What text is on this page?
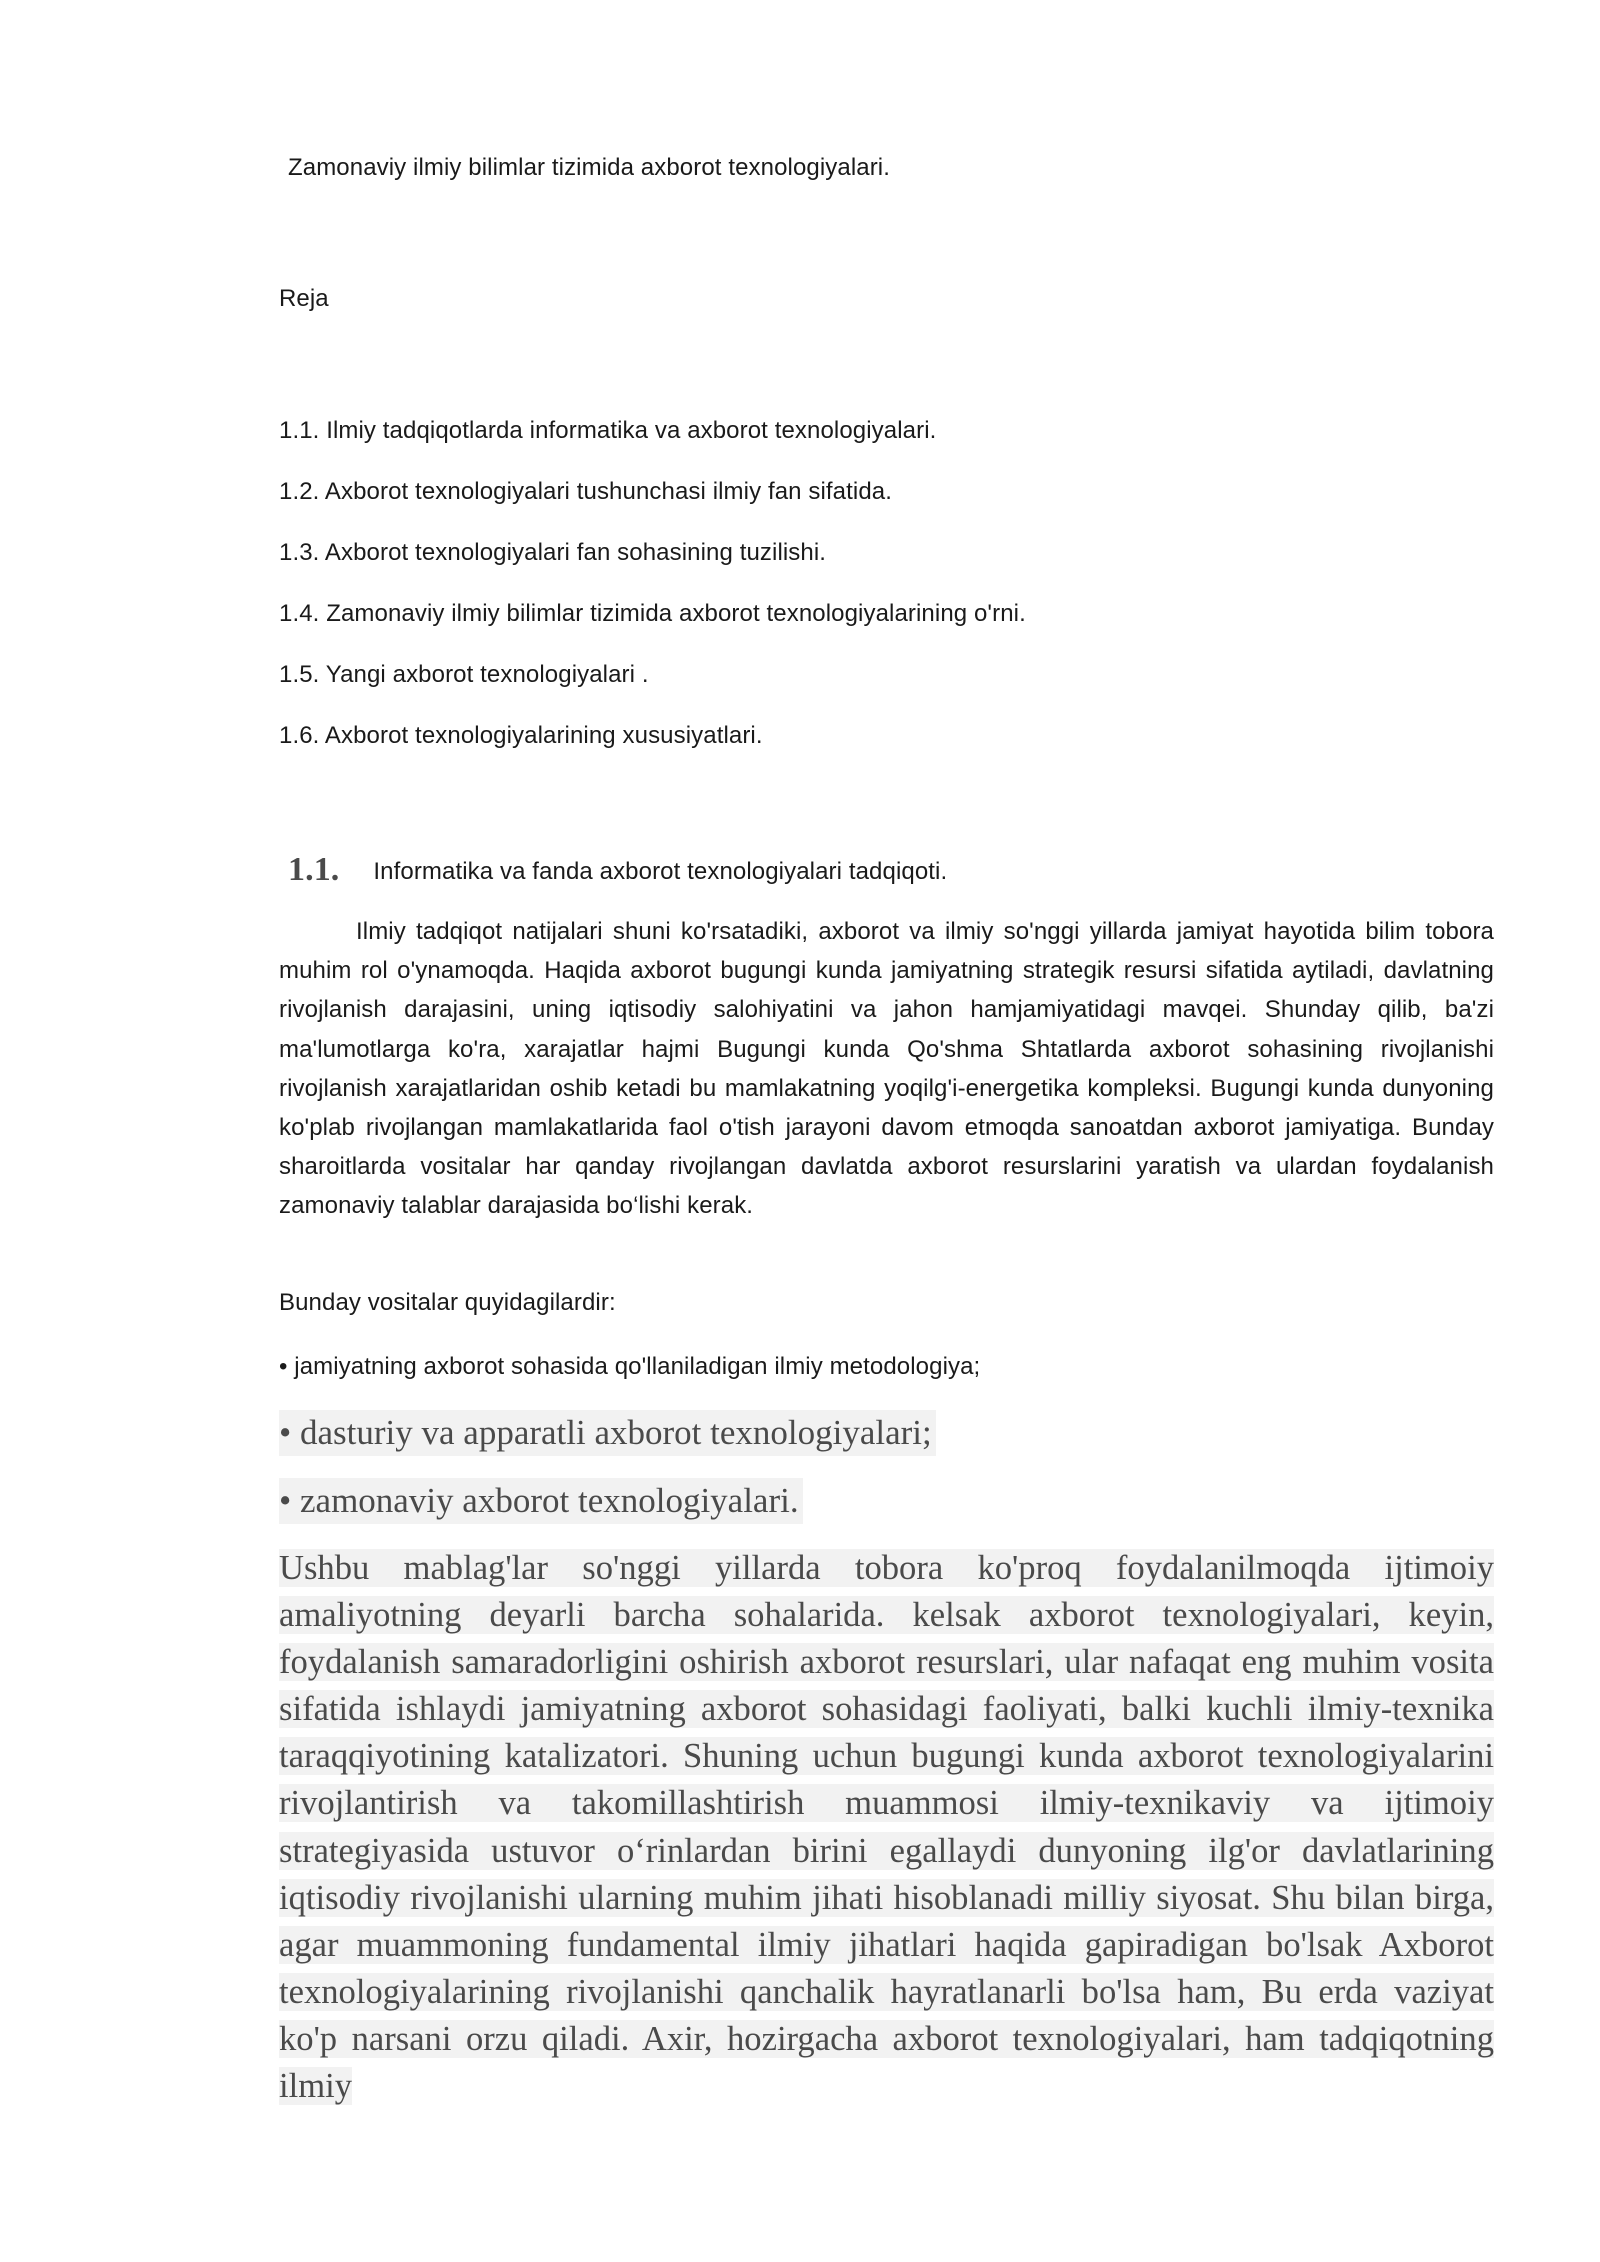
Zamonaviy ilmiy bilimlar tizimida axborot texnologiyalari.
Reja
1.1. Ilmiy tadqiqotlarda informatika va axborot texnologiyalari.
1.2. Axborot texnologiyalari tushunchasi ilmiy fan sifatida.
1.3. Axborot texnologiyalari fan sohasining tuzilishi.
1.4. Zamonaviy ilmiy bilimlar tizimida axborot texnologiyalarining o'rni.
1.5. Yangi axborot texnologiyalari .
1.6. Axborot texnologiyalarining xususiyatlari.
1.1. Informatika va fanda axborot texnologiyalari tadqiqoti.

Ilmiy tadqiqot natijalari shuni ko'rsatadiki, axborot va ilmiy so'nggi yillarda jamiyat hayotida bilim tobora muhim rol o'ynamoqda. Haqida axborot bugungi kunda jamiyatning strategik resursi sifatida aytiladi, davlatning rivojlanish darajasini, uning iqtisodiy salohiyatini va jahon hamjamiyatidagi mavqei. Shunday qilib, ba'zi ma'lumotlarga ko'ra, xarajatlar hajmi Bugungi kunda Qo'shma Shtatlarda axborot sohasining rivojlanishi rivojlanish xarajatlaridan oshib ketadi bu mamlakatning yoqilg'i-energetika kompleksi. Bugungi kunda dunyoning ko'plab rivojlangan mamlakatlarida faol o'tish jarayoni davom etmoqda sanoatdan axborot jamiyatiga. Bunday sharoitlarda vositalar har qanday rivojlangan davlatda axborot resurslarini yaratish va ulardan foydalanish zamonaviy talablar darajasida bo‘lishi kerak.

Bunday vositalar quyidagilardir:

• jamiyatning axborot sohasida qo'llaniladigan ilmiy metodologiya;
• dasturiy va apparatli axborot texnologiyalari;
• zamonaviy axborot texnologiyalari.

Ushbu mablag'lar so'nggi yillarda tobora ko'proq foydalanilmoqda ijtimoiy amaliyotning deyarli barcha sohalarida. kelsak axborot texnologiyalari, keyin, foydalanish samaradorligini oshirish axborot resurslari, ular nafaqat eng muhim vosita sifatida ishlaydi jamiyatning axborot sohasidagi faoliyati, balki kuchli ilmiy-texnika taraqqiyotining katalizatori. Shuning uchun bugungi kunda axborot texnologiyalarini rivojlantirish va takomillashtirish muammosi ilmiy-texnikaviy va ijtimoiy strategiyasida ustuvor o‘rinlardan birini egallaydi dunyoning ilg'or davlatlarining iqtisodiy rivojlanishi ularning muhim jihati hisoblanadi milliy siyosat. Shu bilan birga, agar muammoning fundamental ilmiy jihatlari haqida gapiradigan bo'lsak Axborot texnologiyalarining rivojlanishi qanchalik hayratlanarli bo'lsa ham, Bu erda vaziyat ko'p narsani orzu qiladi. Axir, hozirgacha axborot texnologiyalari, ham tadqiqotning ilmiy
